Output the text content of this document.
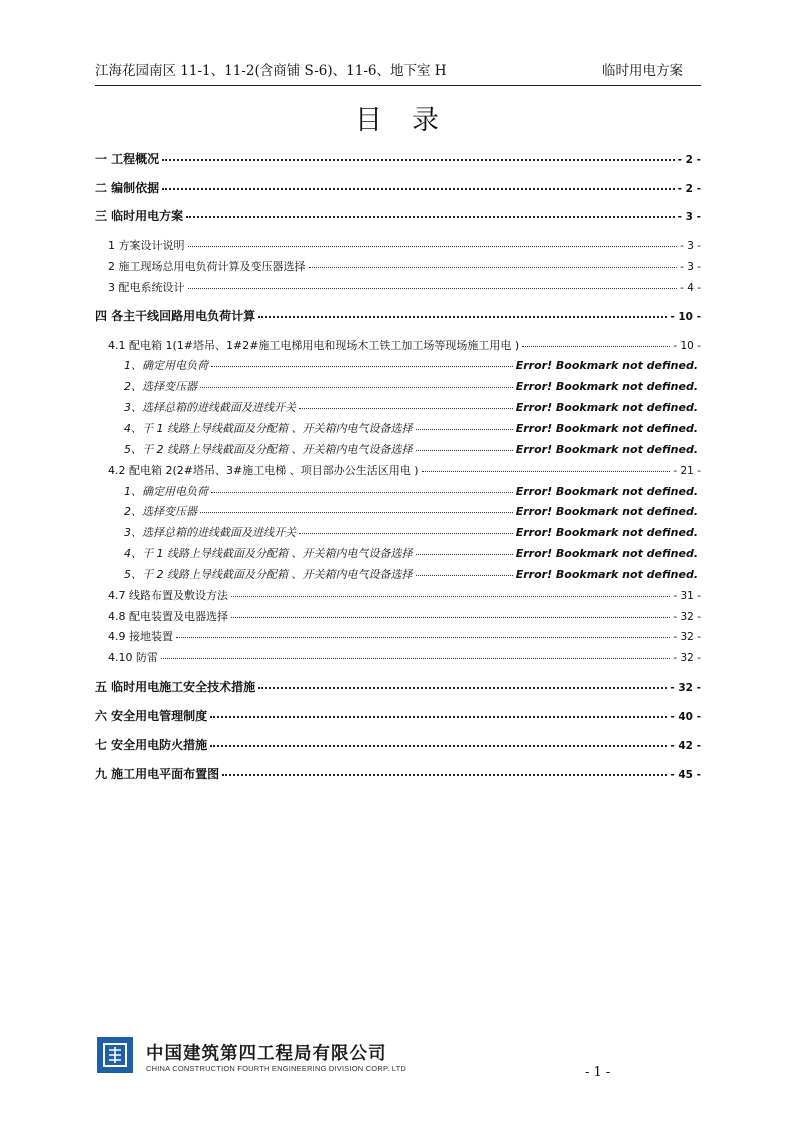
江海花园南区 11-1、11-2(含商铺 S-6)、11-6、地下室 H	临时用电方案
目录
一 工程概况	- 2 -
二 编制依据	- 2 -
三 临时用电方案	- 3 -
1 方案设计说明	- 3 -
2 施工现场总用电负荷计算及变压器选择	- 3 -
3 配电系统设计	- 4 -
四 各主干线回路用电负荷计算	- 10 -
4.1 配电箱 1(1#塔吊、1#2#施工电梯用电和现场木工铁工加工场等现场施工用电 )	- 10 -
1、确定用电负荷	Error! Bookmark not defined.
2、选择变压器	Error! Bookmark not defined.
3、选择总箱的进线截面及进线开关	Error! Bookmark not defined.
4、干 1 线路上导线截面及分配箱 、开关箱内电气设备选择	Error! Bookmark not defined.
5、干 2 线路上导线截面及分配箱 、开关箱内电气设备选择	Error! Bookmark not defined.
4.2 配电箱 2(2#塔吊、3#施工电梯 、项目部办公生活区用电 )	- 21 -
1、确定用电负荷	Error! Bookmark not defined.
2、选择变压器	Error! Bookmark not defined.
3、选择总箱的进线截面及进线开关	Error! Bookmark not defined.
4、干 1 线路上导线截面及分配箱 、开关箱内电气设备选择	Error! Bookmark not defined.
5、干 2 线路上导线截面及分配箱 、开关箱内电气设备选择	Error! Bookmark not defined.
4.7 线路布置及敷设方法	- 31 -
4.8 配电装置及电器选择	- 32 -
4.9 接地装置	- 32 -
4.10 防雷	- 32 -
五 临时用电施工安全技术措施	- 32 -
六 安全用电管理制度	- 40 -
七 安全用电防火措施	- 42 -
九 施工用电平面布置图	- 45 -
中国建筑第四工程局有限公司
CHINA CONSTRUCTION FOURTH ENGINEERING DIVISION CORP. LTD	- 1 -
